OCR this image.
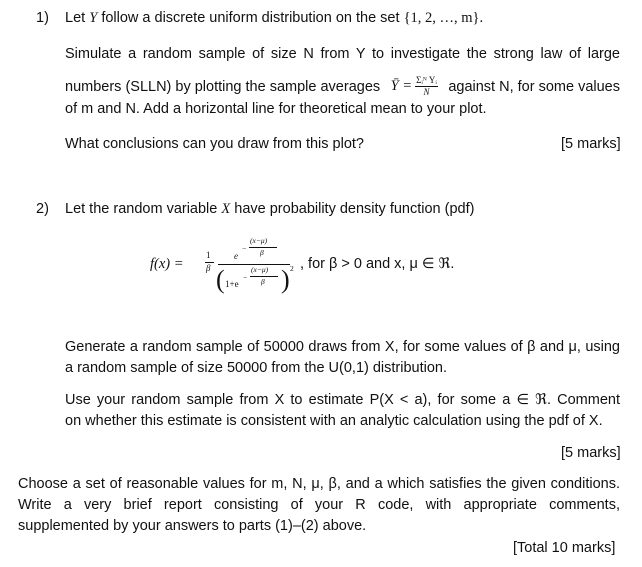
1) Let Y follow a discrete uniform distribution on the set {1, 2, …, m}.
Simulate a random sample of size N from Y to investigate the strong law of large
numbers (SLLN) by plotting the sample averages Ȳ = $\frac{\text{Σᵢᴺ Yᵢ}}{N}$ against N, for some values
of m and N. Add a horizontal line for theoretical mean to your plot.
What conclusions can you draw from this plot?	[5 marks]
2) Let the random variable X have probability density function (pdf)
f(x) =
1
β
e
−
(x−μ)
β
( 1+e
−
(x−μ)
β ) 2 , for β > 0 and x, μ ∈ ℜ.
Generate a random sample of 50000 draws from X, for some values of β and μ, using
a random sample of size 50000 from the U(0,1) distribution.
Use your random sample from X to estimate P(X < a), for some a ∈ ℜ. Comment
on whether this estimate is consistent with an analytic calculation using the pdf of X.
[5 marks]
Choose a set of reasonable values for m, N, μ, β, and a which satisfies the given conditions.
Write a very brief report consisting of your R code, with appropriate comments,
supplemented by your answers to parts (1)–(2) above.
[Total 10 marks]
